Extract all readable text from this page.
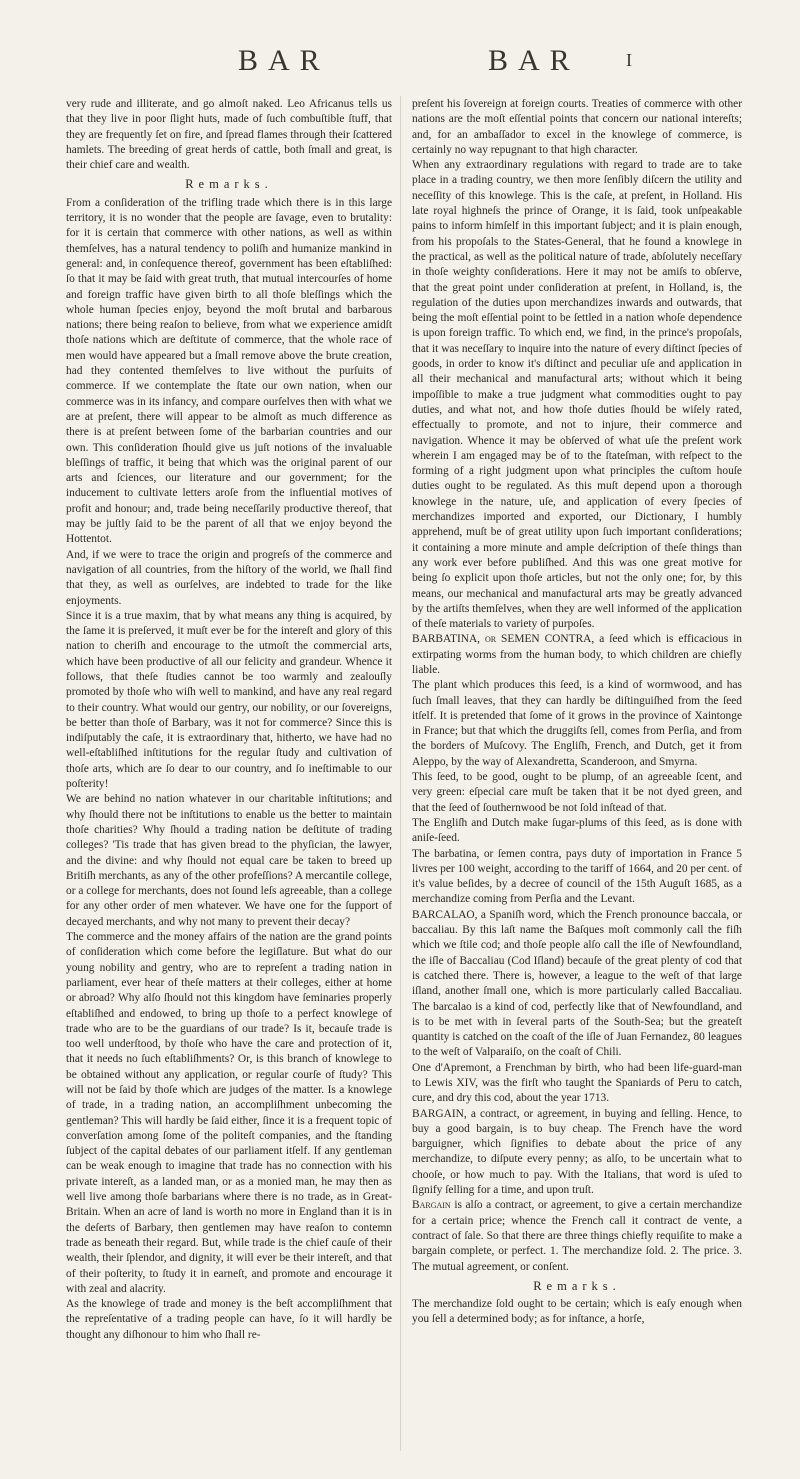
BAR	BAR	I

very rude and illiterate, and go almoſt naked. Leo Africanus tells us that they live in poor ſlight huts, made of ſuch combuſtible ſtuff, that they are frequently ſet on fire, and ſpread flames through their ſcattered hamlets. The breeding of great herds of cattle, both ſmall and great, is their chief care and wealth.

Remarks.

From a conſideration of the trifling trade which there is in this large territory, it is no wonder that the people are ſavage, even to brutality: for it is certain that commerce with other nations, as well as within themſelves, has a natural tendency to poliſh and humanize mankind in general: and, in conſequence thereof, government has been eſtabliſhed: ſo that it may be ſaid with great truth, that mutual intercourſes of home and foreign traffic have given birth to all thoſe bleſſings which the whole human ſpecies enjoy, beyond the moſt brutal and barbarous nations; there being reaſon to believe, from what we experience amidſt thoſe nations which are deſtitute of commerce, that the whole race of men would have appeared but a ſmall remove above the brute creation, had they contented themſelves to live without the purſuits of commerce. If we contemplate the ſtate our own nation, when our commerce was in its infancy, and compare ourſelves then with what we are at preſent, there will appear to be almoſt as much difference as there is at preſent between ſome of the barbarian countries and our own. This conſideration ſhould give us juſt notions of the invaluable bleſſings of traffic, it being that which was the original parent of our arts and ſciences, our literature and our government; for the inducement to cultivate letters aroſe from the influential motives of profit and honour; and, trade being neceſſarily productive thereof, that may be juſtly ſaid to be the parent of all that we enjoy beyond the Hottentot.

And, if we were to trace the origin and progreſs of the commerce and navigation of all countries, from the hiſtory of the world, we ſhall find that they, as well as ourſelves, are indebted to trade for the like enjoyments.

Since it is a true maxim, that by what means any thing is acquired, by the ſame it is preſerved, it muſt ever be for the intereſt and glory of this nation to cheriſh and encourage to the utmoſt the commercial arts, which have been productive of all our felicity and grandeur. Whence it follows, that theſe ſtudies cannot be too warmly and zealouſly promoted by thoſe who wiſh well to mankind, and have any real regard to their country. What would our gentry, our nobility, or our ſovereigns, be better than thoſe of Barbary, was it not for commerce? Since this is indiſputably the caſe, it is extraordinary that, hitherto, we have had no well-eſtabliſhed inſtitutions for the regular ſtudy and cultivation of thoſe arts, which are ſo dear to our country, and ſo ineſtimable to our poſterity!

We are behind no nation whatever in our charitable inſtitutions; and why ſhould there not be inſtitutions to enable us the better to maintain thoſe charities? Why ſhould a trading nation be deſtitute of trading colleges? 'Tis trade that has given bread to the phyſician, the lawyer, and the divine: and why ſhould not equal care be taken to breed up Britiſh merchants, as any of the other profeſſions? A mercantile college, or a college for merchants, does not ſound leſs agreeable, than a college for any other order of men whatever. We have one for the ſupport of decayed merchants, and why not many to prevent their decay?

The commerce and the money affairs of the nation are the grand points of conſideration which come before the legiſlature. But what do our young nobility and gentry, who are to repreſent a trading nation in parliament, ever hear of theſe matters at their colleges, either at home or abroad? Why alſo ſhould not this kingdom have ſeminaries properly eſtabliſhed and endowed, to bring up thoſe to a perfect knowlege of trade who are to be the guardians of our trade? Is it, becauſe trade is too well underſtood, by thoſe who have the care and protection of it, that it needs no ſuch eſtabliſhments? Or, is this branch of knowlege to be obtained without any application, or regular courſe of ſtudy? This will not be ſaid by thoſe which are judges of the matter. Is a knowlege of trade, in a trading nation, an accompliſhment unbecoming the gentleman? This will hardly be ſaid either, ſince it is a frequent topic of converſation among ſome of the politeſt companies, and the ſtanding ſubject of the capital debates of our parliament itſelf. If any gentleman can be weak enough to imagine that trade has no connection with his private intereſt, as a landed man, or as a monied man, he may then as well live among thoſe barbarians where there is no trade, as in Great-Britain. When an acre of land is worth no more in England than it is in the deſerts of Barbary, then gentlemen may have reaſon to contemn trade as beneath their regard. But, while trade is the chief cauſe of their wealth, their ſplendor, and dignity, it will ever be their intereſt, and that of their poſterity, to ſtudy it in earneſt, and promote and encourage it with zeal and alacrity.

As the knowlege of trade and money is the beſt accompliſhment that the repreſentative of a trading people can have, ſo it will hardly be thought any diſhonour to him who ſhall re-

preſent his ſovereign at foreign courts. Treaties of commerce with other nations are the moſt eſſential points that concern our national intereſts; and, for an ambaſſador to excel in the knowlege of commerce, is certainly no way repugnant to that high character.

When any extraordinary regulations with regard to trade are to take place in a trading country, we then more ſenſibly diſcern the utility and neceſſity of this knowlege. This is the caſe, at preſent, in Holland. His late royal highneſs the prince of Orange, it is ſaid, took unſpeakable pains to inform himſelf in this important ſubject; and it is plain enough, from his propoſals to the States-General, that he found a knowlege in the practical, as well as the political nature of trade, abſolutely neceſſary in thoſe weighty conſiderations. Here it may not be amiſs to obſerve, that the great point under conſideration at preſent, in Holland, is, the regulation of the duties upon merchandizes inwards and outwards, that being the moſt eſſential point to be ſettled in a nation whoſe dependence is upon foreign traffic. To which end, we find, in the prince's propoſals, that it was neceſſary to inquire into the nature of every diſtinct ſpecies of goods, in order to know it's diſtinct and peculiar uſe and application in all their mechanical and manufactural arts; without which it being impoſſible to make a true judgment what commodities ought to pay duties, and what not, and how thoſe duties ſhould be wiſely rated, effectually to promote, and not to injure, their commerce and navigation. Whence it may be obſerved of what uſe the preſent work wherein I am engaged may be of to the ſtateſman, with reſpect to the forming of a right judgment upon what principles the cuſtom houſe duties ought to be regulated. As this muſt depend upon a thorough knowlege in the nature, uſe, and application of every ſpecies of merchandizes imported and exported, our Dictionary, I humbly apprehend, muſt be of great utility upon ſuch important conſiderations; it containing a more minute and ample deſcription of theſe things than any work ever before publiſhed. And this was one great motive for being ſo explicit upon thoſe articles, but not the only one; for, by this means, our mechanical and manufactural arts may be greatly advanced by the artiſts themſelves, when they are well informed of the application of theſe materials to variety of purpoſes.

BARBATINA, or SEMEN CONTRA, a ſeed which is efficacious in extirpating worms from the human body, to which children are chiefly liable.

The plant which produces this ſeed, is a kind of wormwood, and has ſuch ſmall leaves, that they can hardly be diſtinguiſhed from the ſeed itſelf. It is pretended that ſome of it grows in the province of Xaintonge in France; but that which the druggiſts ſell, comes from Perſia, and from the borders of Muſcovy. The Engliſh, French, and Dutch, get it from Aleppo, by the way of Alexandretta, Scanderoon, and Smyrna.

This ſeed, to be good, ought to be plump, of an agreeable ſcent, and very green: eſpecial care muſt be taken that it be not dyed green, and that the ſeed of ſouthernwood be not ſold inſtead of that.

The Engliſh and Dutch make ſugar-plums of this ſeed, as is done with aniſe-ſeed.

The barbatina, or ſemen contra, pays duty of importation in France 5 livres per 100 weight, according to the tariff of 1664, and 20 per cent. of it's value beſides, by a decree of council of the 15th Auguſt 1685, as a merchandize coming from Perſia and the Levant.

BARCALAO, a Spaniſh word, which the French pronounce baccala, or baccaliau. By this laſt name the Baſques moſt commonly call the fiſh which we ſtile cod; and thoſe people alſo call the iſle of Newfoundland, the iſle of Baccaliau (Cod Iſland) becauſe of the great plenty of cod that is catched there. There is, however, a league to the weſt of that large iſland, another ſmall one, which is more particularly called Baccaliau. The barcalao is a kind of cod, perfectly like that of Newfoundland, and is to be met with in ſeveral parts of the South-Sea; but the greateſt quantity is catched on the coaſt of the iſle of Juan Fernandez, 80 leagues to the weſt of Valparaiſo, on the coaſt of Chili.

One d'Apremont, a Frenchman by birth, who had been life-guard-man to Lewis XIV, was the firſt who taught the Spaniards of Peru to catch, cure, and dry this cod, about the year 1713.

BARGAIN, a contract, or agreement, in buying and ſelling. Hence, to buy a good bargain, is to buy cheap. The French have the word barguigner, which ſignifies to debate about the price of any merchandize, to diſpute every penny; as alſo, to be uncertain what to chooſe, or how much to pay. With the Italians, that word is uſed to ſignify ſelling for a time, and upon truſt.

Bargain is alſo a contract, or agreement, to give a certain merchandize for a certain price; whence the French call it contract de vente, a contract of ſale. So that there are three things chiefly requiſite to make a bargain complete, or perfect. 1. The merchandize ſold. 2. The price. 3. The mutual agreement, or conſent.

Remarks.

The merchandize ſold ought to be certain; which is eaſy enough when you ſell a determined body; as for inſtance, a horſe,
